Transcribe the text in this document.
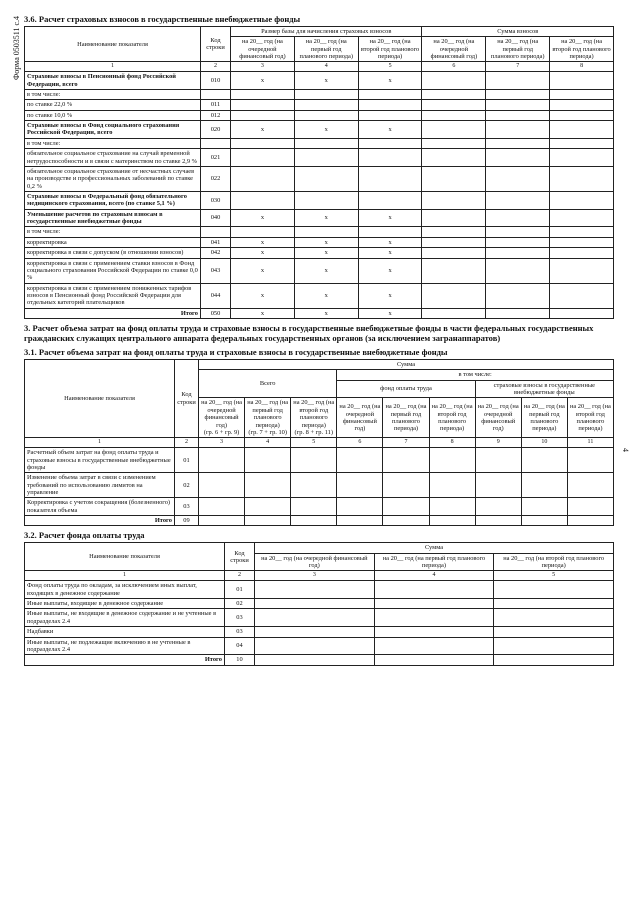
Форма 0503511 с.4
4
3.6. Расчет страховых взносов в государственные внебюджетные фонды
Наименование показателя	Код строки	Размер базы для начисления страховых взносов			Сумма взносов		
		на 20__ год (на очередной финансовый год)	на 20__ год (на первый год планового периода)	на 20__ год (на второй год планового периода)	на 20__ год (на очередной финансовый год)	на 20__ год (на первый год планового периода)	на 20__ год (на второй год планового периода)
1	2	3	4	5	6	7	8
Страховые взносы в Пенсионный фонд Российской Федерации, всего	010	х	х	х			
в том числе:							
по ставке 22,0 %	011						
по ставке 10,0 %	012						
Страховые взносы в Фонд социального страхования Российской Федерации, всего	020	х	х	х			
в том числе:							
обязательное социальное страхование на случай временной нетрудоспособности и в связи с материнством по ставке 2,9 %	021						
обязательное социальное страхование от несчастных случаев на производстве и профессиональных заболеваний по ставке 0,2 %	022						
Страховые взносы в Федеральный фонд обязательного медицинского страхования, всего (по ставке 5,1 %)	030						
Уменьшение расчетов по страховым взносам в государственные внебюджетные фонды	040	х	х	х			
в том числе:							
корректировка	041	х	х	х			
корректировка в связи с допуском (в отношении взносов)	042	х	х	х			
корректировка в связи с применением ставки взносов в Фонд социального страхования Российской Федерации по ставке 0,0 %	043	х	х	х			
корректировка в связи с применением пониженных тарифов взносов в Пенсионный фонд Российской Федерации для отдельных категорий плательщиков	044	х	х	х			
Итого	050	х	х	х			
3. Расчет объема затрат на фонд оплаты труда и страховые взносы в государственные внебюджетные фонды в части федеральных государственных гражданских служащих центрального аппарата федеральных государственных органов (за исключением загранаппаратов)
3.1. Расчет объема затрат на фонд оплаты труда и страховые взносы в государственные внебюджетные фонды
Наименование показателя	Код строки	Сумма								
		Всего			в том числе:					
					фонд оплаты труда			страховые взносы в государственные внебюджетные фонды		
		на 20__ год (на очередной финансовый год)
(гр. 6 + гр. 9)	на 20__ год (на первый год планового периода)
(гр. 7 + гр. 10)	на 20__ год (на второй год планового периода)
(гр. 8 + гр. 11)	на 20__ год (на очередной финансовый год)	на 20__ год (на первый год планового периода)	на 20__ год (на второй год планового периода)	на 20__ год (на очередной финансовый год)	на 20__ год (на первый год планового периода)	на 20__ год (на второй год планового периода)
1	2	3	4	5	6	7	8	9	10	11
Расчетный объем затрат на фонд оплаты труда и страховые взносы в государственные внебюджетные фонды	01									
Изменение объема затрат в связи с изменением требований по использованию лимитов на управление	02									
Корректировка с учетом сокращения (болезненного) показателя объема	03									
Итого	09									
3.2. Расчет фонда оплаты труда
Наименование показателя	Код строки	Сумма		
		на 20__ год (на очередной финансовый год)	на 20__ год (на первый год планового периода)	на 20__ год (на второй год планового периода)
1	2	3	4	5
Фонд оплаты труда по окладам, за исключением иных выплат, входящих в денежное содержание	01			
Иные выплаты, входящие в денежное содержание	02			
Иные выплаты, не входящие в денежное содержание и не учтенные в подразделах 2.4	03			
Надбавки	03			
Иные выплаты, не подлежащие включению в не учтенные в подразделах 2.4	04			
Итого	10			
